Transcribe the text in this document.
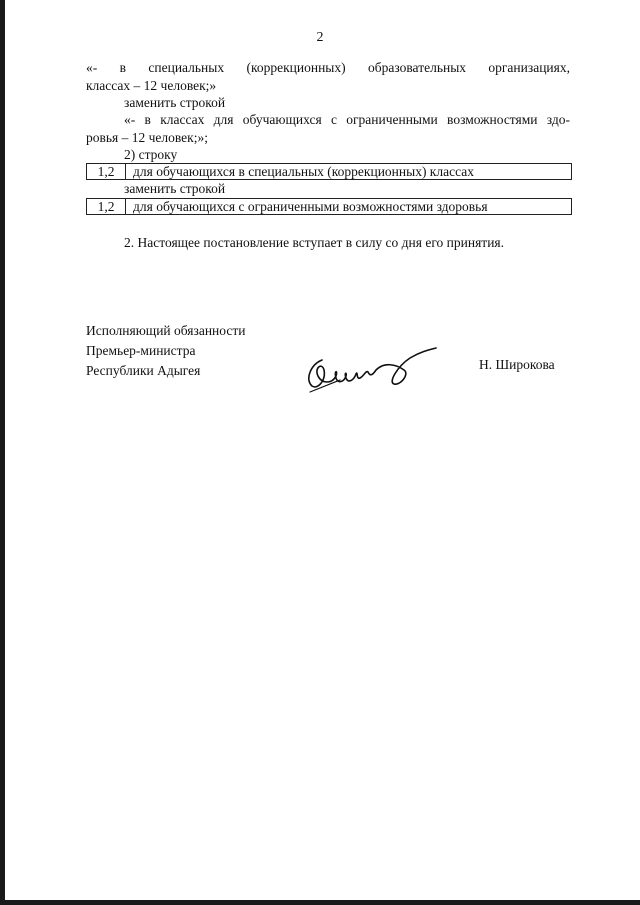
2
«- в специальных (коррекционных) образовательных организациях,
классах – 12 человек;»
заменить строкой
«- в классах для обучающихся с ограниченными возможностями здо-
ровья – 12 человек;»;
2) строку
1,2	для обучающихся в специальных (коррекционных) классах
заменить строкой
1,2	для обучающихся с ограниченными возможностями здоровья
2. Настоящее постановление вступает в силу со дня его принятия.
Исполняющий обязанности
Премьер-министра
Республики Адыгея	Н. Широкова
